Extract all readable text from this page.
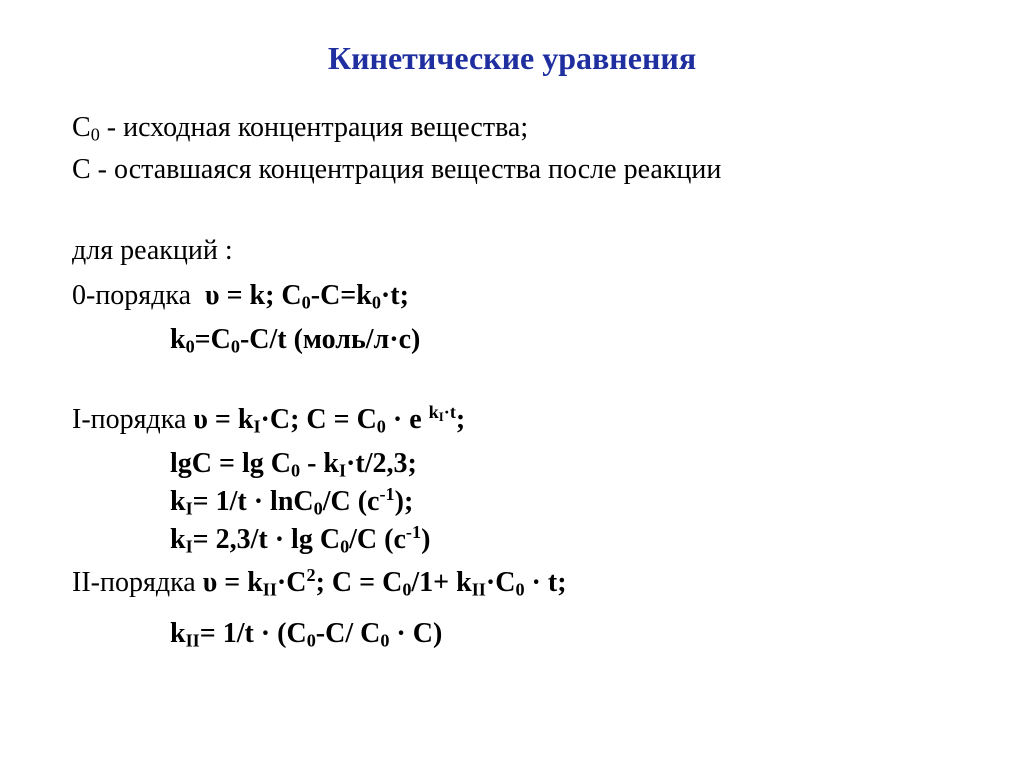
Кинетические уравнения
$C_0$ - исходная концентрация вещества;
C - оставшаяся концентрация вещества после реакции
для реакций :
0-порядка υ = k; $C_0-C=k_0\cdot t$;
$k_0=C_0-C/t$ (моль/л·с)
I-порядка $\upsilon = k_I\cdot C$; $C = C_0 \cdot e$ $^{k_I\cdot t}$;
$\lg C = \lg C_0 - k_I\cdot t/2,3$;
$k_I= 1/t \cdot \ln C_0/C$ $(c^{-1})$;
$k_I= 2,3/t \cdot \lg C_0/C$ $(c^{-1})$
II-порядка $\upsilon = k_{II}\cdot C^2$; $C = C_0/1+ k_{II}\cdot C_0 \cdot t$;
$k_{II}= 1/t \cdot (C_0-C/$ $C_0 \cdot C$)
